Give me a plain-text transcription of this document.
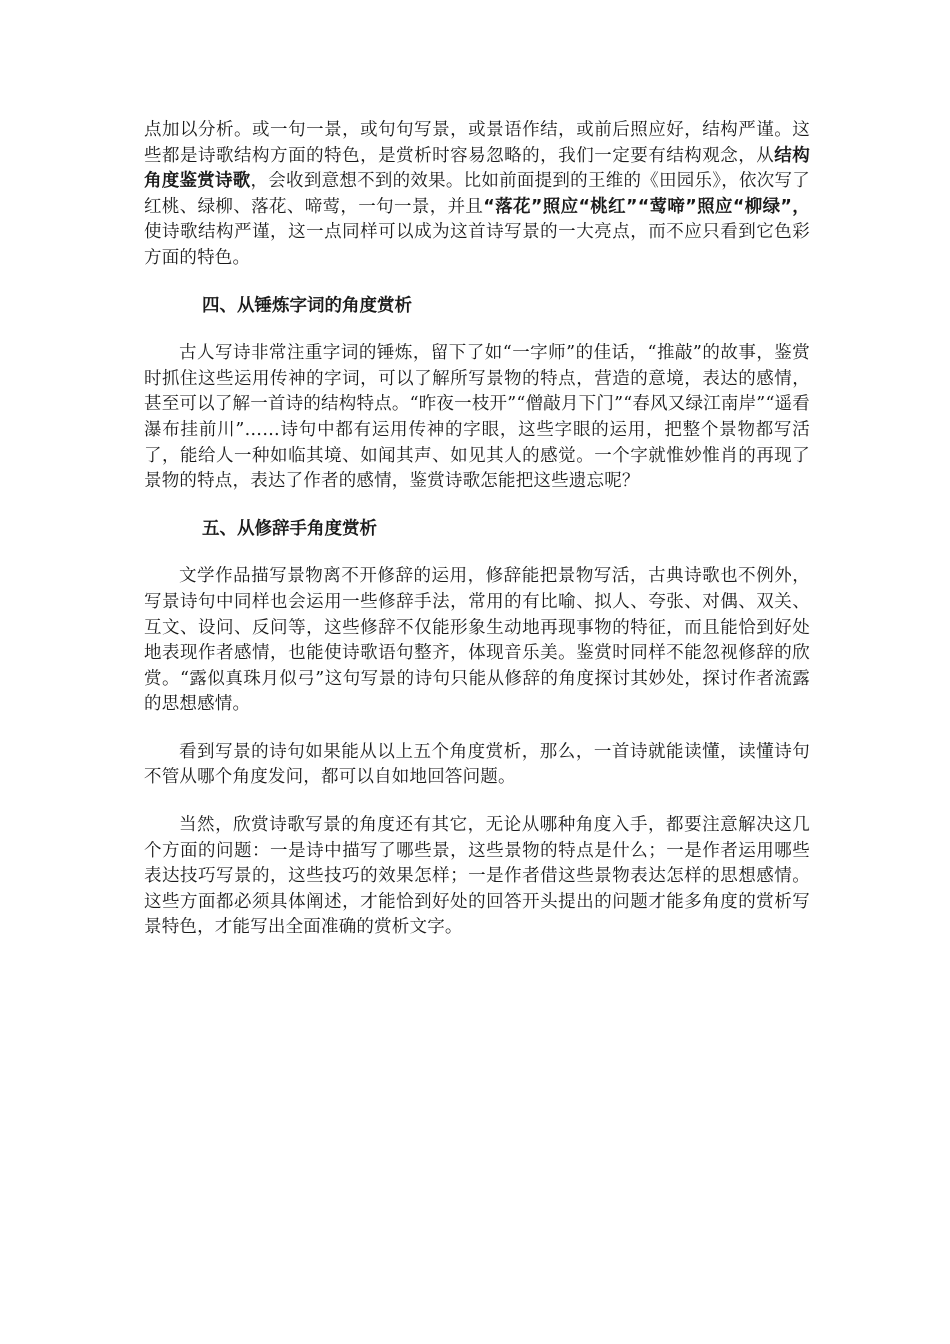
点加以分析。或一句一景，或句句写景，或景语作结，或前后照应好，结构严谨。这些都是诗歌结构方面的特色，是赏析时容易忽略的，我们一定要有结构观念，从结构角度鉴赏诗歌，会收到意想不到的效果。比如前面提到的王维的《田园乐》，依次写了红桃、绿柳、落花、啼莺，一句一景，并且“落花”照应“桃红”“莺啼”照应“柳绿”，使诗歌结构严谨，这一点同样可以成为这首诗写景的一大亮点，而不应只看到它色彩方面的特色。

四、从锤炼字词的角度赏析

古人写诗非常注重字词的锤炼，留下了如“一字师”的佳话，“推敲”的故事，鉴赏时抓住这些运用传神的字词，可以了解所写景物的特点，营造的意境，表达的感情，甚至可以了解一首诗的结构特点。“昨夜一枝开”“僧敲月下门”“春风又绿江南岸”“遥看瀑布挂前川”……诗句中都有运用传神的字眼，这些字眼的运用，把整个景物都写活了，能给人一种如临其境、如闻其声、如见其人的感觉。一个字就惟妙惟肖的再现了景物的特点，表达了作者的感情，鉴赏诗歌怎能把这些遗忘呢？

五、从修辞手角度赏析

文学作品描写景物离不开修辞的运用，修辞能把景物写活，古典诗歌也不例外，写景诗句中同样也会运用一些修辞手法，常用的有比喻、拟人、夸张、对偶、双关、互文、设问、反问等，这些修辞不仅能形象生动地再现事物的特征，而且能恰到好处地表现作者感情，也能使诗歌语句整齐，体现音乐美。鉴赏时同样不能忽视修辞的欣赏。“露似真珠月似弓”这句写景的诗句只能从修辞的角度探讨其妙处，探讨作者流露的思想感情。

看到写景的诗句如果能从以上五个角度赏析，那么，一首诗就能读懂，读懂诗句不管从哪个角度发问，都可以自如地回答问题。

当然，欣赏诗歌写景的角度还有其它，无论从哪种角度入手，都要注意解决这几个方面的问题：一是诗中描写了哪些景，这些景物的特点是什么；一是作者运用哪些表达技巧写景的，这些技巧的效果怎样；一是作者借这些景物表达怎样的思想感情。这些方面都必须具体阐述，才能恰到好处的回答开头提出的问题才能多角度的赏析写景特色，才能写出全面准确的赏析文字。
